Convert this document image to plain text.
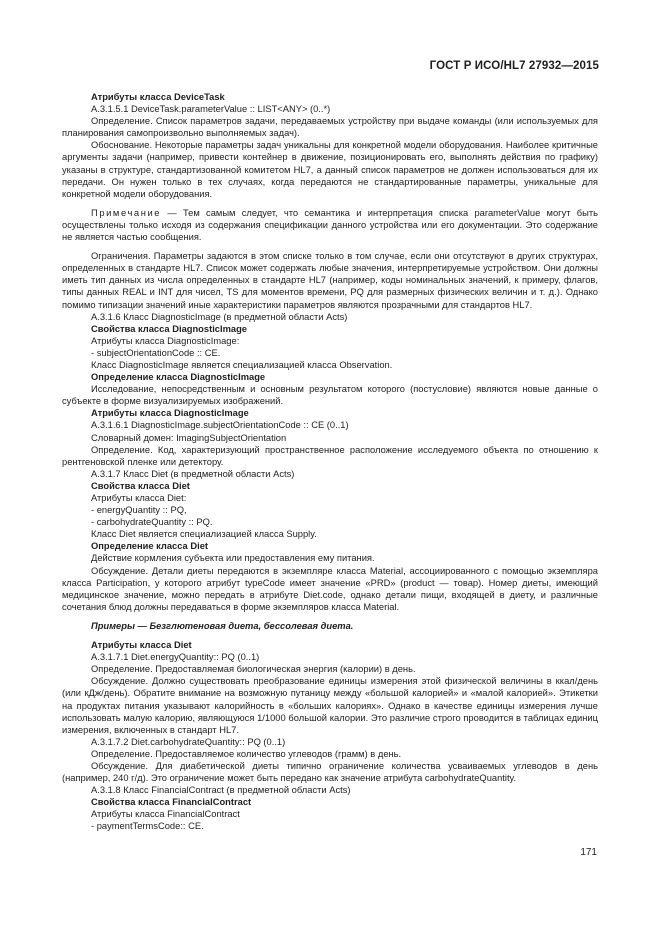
ГОСТ Р ИСО/HL7 27932—2015

Атрибуты класса DeviceTask

A.3.1.5.1 DeviceTask.parameterValue :: LIST<ANY> (0..*)

Определение. Список параметров задачи, передаваемых устройству при выдаче команды (или используемых для планирования самопроизвольно выполняемых задач).

Обоснование. Некоторые параметры задач уникальны для конкретной модели оборудования. Наиболее критичные аргументы задачи (например, привести контейнер в движение, позиционировать его, выполнять действия по графику) указаны в структуре, стандартизованной комитетом HL7, а данный список параметров не должен использоваться для их передачи. Он нужен только в тех случаях, когда передаются не стандартированные параметры, уникальные для конкретной модели оборудования.

Примечание — Тем самым следует, что семантика и интерпретация списка parameterValue могут быть осуществлены только исходя из содержания спецификации данного устройства или его документации. Это содержание не является частью сообщения.

Ограничения. Параметры задаются в этом списке только в том случае, если они отсутствуют в других структурах, определенных в стандарте HL7. Список может содержать любые значения, интерпретируемые устройством. Они должны иметь тип данных из числа определенных в стандарте HL7 (например, коды номинальных значений, к примеру, флагов, типы данных REAL и INT для чисел, TS для моментов времени, PQ для размерных физических величин и т. д.). Однако помимо типизации значений иные характеристики параметров являются прозрачными для стандартов HL7.

A.3.1.6 Класс DiagnosticImage (в предметной области Acts)

Свойства класса DiagnosticImage

Атрибуты класса DiagnosticImage:

- subjectOrientationCode :: CE.

Класс DiagnosticImage является специализацией класса Observation.

Определение класса DiagnosticImage

Исследование, непосредственным и основным результатом которого (постусловие) являются новые данные о субъекте в форме визуализируемых изображений.

Атрибуты класса DiagnosticImage

A.3.1.6.1 DiagnosticImage.subjectOrientationCode :: CE (0..1)

Словарный домен: ImagingSubjectOrientation

Определение. Код, характеризующий пространственное расположение исследуемого объекта по отношению к рентгеновской пленке или детектору.

A.3.1.7 Класс Diet (в предметной области Acts)

Свойства класса Diet

Атрибуты класса Diet:

- energyQuantity :: PQ,

- carbohydrateQuantity :: PQ.

Класс Diet является специализацией класса Supply.

Определение класса Diet

Действие кормления субъекта или предоставления ему питания.

Обсуждение. Детали диеты передаются в экземпляре класса Material, ассоциированного с помощью экземпляра класса Participation, у которого атрибут typeCode имеет значение «PRD» (product — товар). Номер диеты, имеющий медицинское значение, можно передать в атрибуте Diet.code, однако детали пищи, входящей в диету, и различные сочетания блюд должны передаваться в форме экземпляров класса Material.

Примеры — Безглютеновая диета, бессолевая диета.

Атрибуты класса Diet

A.3.1.7.1 Diet.energyQuantity:: PQ (0..1)

Определение. Предоставляемая биологическая энергия (калории) в день.

Обсуждение. Должно существовать преобразование единицы измерения этой физической величины в ккал/день (или кДж/день). Обратите внимание на возможную путаницу между «большой калорией» и «малой калорией». Этикетки на продуктах питания указывают калорийность в «больших калориях». Однако в качестве единицы измерения лучше использовать малую калорию, являющуюся 1/1000 большой калории. Это различие строго проводится в таблицах единиц измерения, включенных в стандарт HL7.

A.3.1.7.2 Diet.carbohydrateQuantity:: PQ (0..1)

Определение. Предоставляемое количество углеводов (грамм) в день.

Обсуждение. Для диабетической диеты типично ограничение количества усваиваемых углеводов в день (например, 240 г/д). Это ограничение может быть передано как значение атрибута carbohydrateQuantity.

A.3.1.8 Класс FinancialContract (в предметной области Acts)

Свойства класса FinancialContract

Атрибуты класса FinancialContract

- paymentTermsCode:: CE.

171
